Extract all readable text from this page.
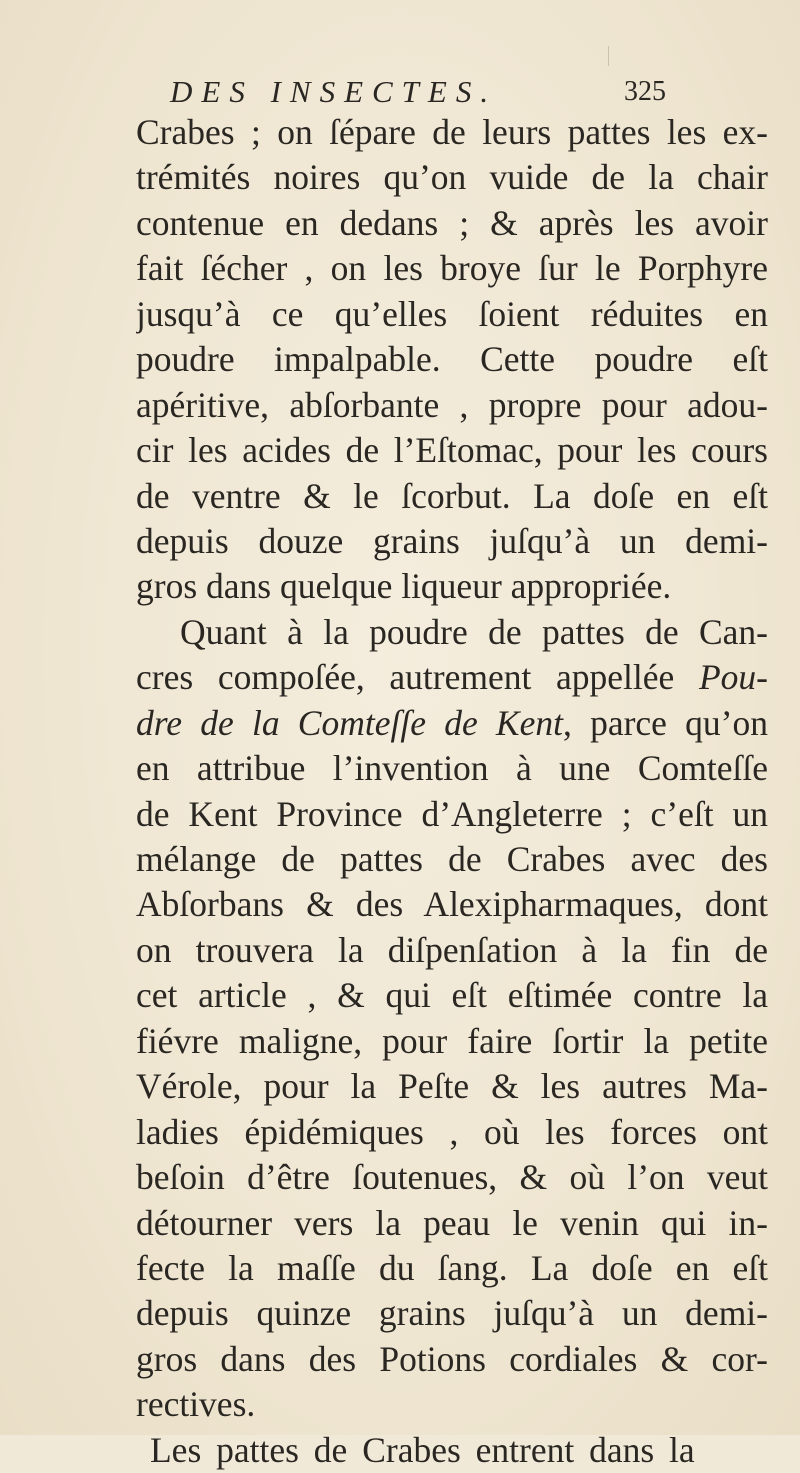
DES INSECTES.	325
Crabes ; on ſépare de leurs pattes les ex-
trémités noires qu’on vuide de la chair
contenue en dedans ; & après les avoir
fait ſécher , on les broye ſur le Porphyre
jusqu’à ce qu’elles ſoient réduites en
poudre impalpable. Cette poudre eſt
apéritive, abſorbante , propre pour adou-
cir les acides de l’Eſtomac, pour les cours
de ventre & le ſcorbut. La doſe en eſt
depuis douze grains juſqu’à un demi-
gros dans quelque liqueur appropriée.
Quant à la poudre de pattes de Can-
cres compoſée, autrement appellée Pou-
dre de la Comteſſe de Kent, parce qu’on
en attribue l’invention à une Comteſſe
de Kent Province d’Angleterre ; c’eſt un
mélange de pattes de Crabes avec des
Abſorbans & des Alexipharmaques, dont
on trouvera la diſpenſation à la fin de
cet article , & qui eſt eſtimée contre la
fiévre maligne, pour faire ſortir la petite
Vérole, pour la Peſte & les autres Ma-
ladies épidémiques , où les forces ont
beſoin d’être ſoutenues, & où l’on veut
détourner vers la peau le venin qui in-
fecte la maſſe du ſang. La doſe en eſt
depuis quinze grains juſqu’à un demi-
gros dans des Potions cordiales & cor-
rectives.
Les pattes de Crabes entrent dans la
